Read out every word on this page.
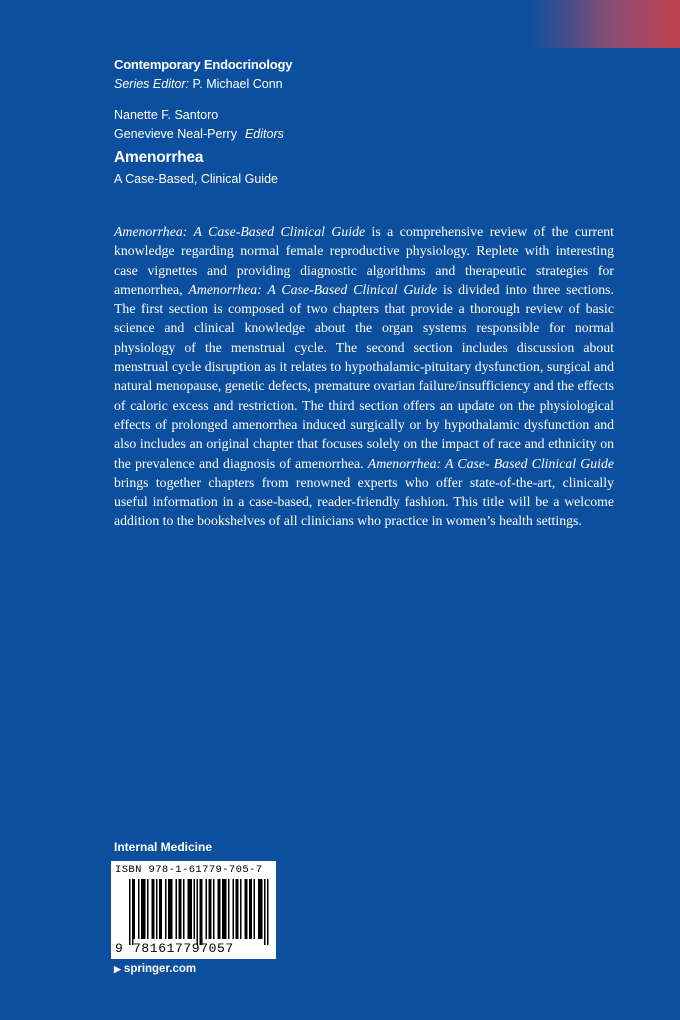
Contemporary Endocrinology
Series Editor: P. Michael Conn
Nanette F. Santoro
Genevieve Neal-Perry Editors
Amenorrhea
A Case-Based, Clinical Guide
Amenorrhea: A Case-Based Clinical Guide is a comprehensive review of the current knowledge regarding normal female reproductive physiology. Replete with interesting case vignettes and providing diagnostic algorithms and therapeutic strategies for amenorrhea, Amenorrhea: A Case-Based Clinical Guide is divided into three sections. The first section is composed of two chapters that provide a thorough review of basic science and clinical knowledge about the organ systems responsible for normal physiology of the menstrual cycle. The second section includes discussion about menstrual cycle disruption as it relates to hypothalamic-pituitary dysfunction, surgical and natural menopause, genetic defects, premature ovarian failure/insufficiency and the effects of caloric excess and restriction. The third section offers an update on the physiological effects of prolonged amenorrhea induced surgically or by hypothalamic dysfunction and also includes an original chapter that focuses solely on the impact of race and ethnicity on the prevalence and diagnosis of amenorrhea. Amenorrhea: A Case- Based Clinical Guide brings together chapters from renowned experts who offer state-of-the-art, clinically useful information in a case-based, reader-friendly fashion. This title will be a welcome addition to the bookshelves of all clinicians who practice in women’s health settings.
Internal Medicine
ISBN 978-1-61779-705-7
9 781617797057
▶ springer.com
